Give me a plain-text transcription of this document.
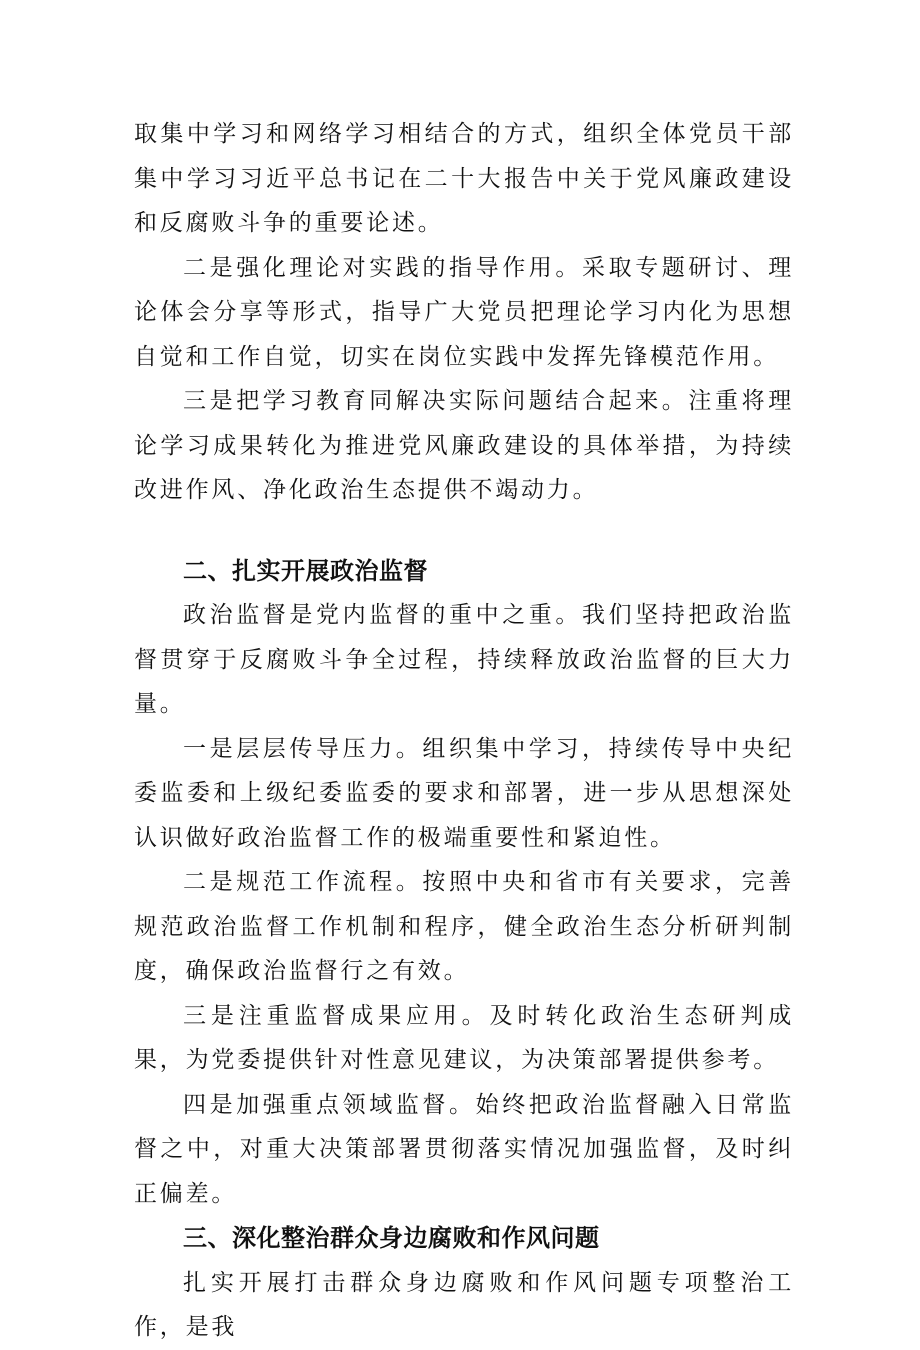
取集中学习和网络学习相结合的方式，组织全体党员干部集中学习习近平总书记在二十大报告中关于党风廉政建设和反腐败斗争的重要论述。

二是强化理论对实践的指导作用。采取专题研讨、理论体会分享等形式，指导广大党员把理论学习内化为思想自觉和工作自觉，切实在岗位实践中发挥先锋模范作用。

三是把学习教育同解决实际问题结合起来。注重将理论学习成果转化为推进党风廉政建设的具体举措，为持续改进作风、净化政治生态提供不竭动力。

二、扎实开展政治监督

政治监督是党内监督的重中之重。我们坚持把政治监督贯穿于反腐败斗争全过程，持续释放政治监督的巨大力量。

一是层层传导压力。组织集中学习，持续传导中央纪委监委和上级纪委监委的要求和部署，进一步从思想深处认识做好政治监督工作的极端重要性和紧迫性。

二是规范工作流程。按照中央和省市有关要求，完善规范政治监督工作机制和程序，健全政治生态分析研判制度，确保政治监督行之有效。

三是注重监督成果应用。及时转化政治生态研判成果，为党委提供针对性意见建议，为决策部署提供参考。

四是加强重点领域监督。始终把政治监督融入日常监督之中，对重大决策部署贯彻落实情况加强监督，及时纠正偏差。

三、深化整治群众身边腐败和作风问题

扎实开展打击群众身边腐败和作风问题专项整治工作，是我
